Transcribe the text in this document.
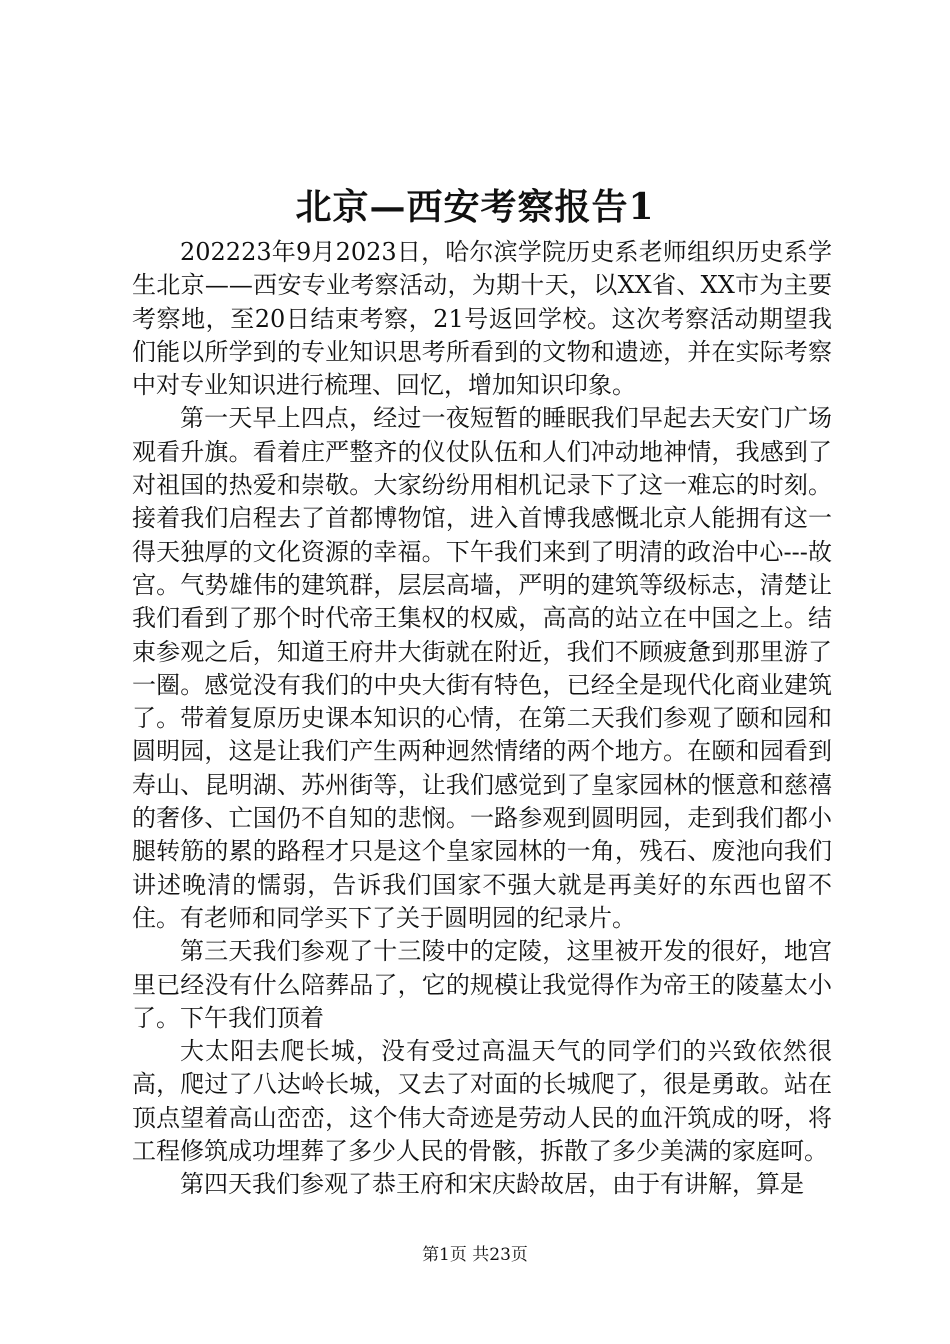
北京—西安考察报告1

202223年9月2023日，哈尔滨学院历史系老师组织历史系学生北京——西安专业考察活动，为期十天，以XX省、XX市为主要考察地，至20日结束考察，21号返回学校。这次考察活动期望我们能以所学到的专业知识思考所看到的文物和遗迹，并在实际考察中对专业知识进行梳理、回忆，增加知识印象。

第一天早上四点，经过一夜短暂的睡眠我们早起去天安门广场观看升旗。看着庄严整齐的仪仗队伍和人们冲动地神情，我感到了对祖国的热爱和崇敬。大家纷纷用相机记录下了这一难忘的时刻。接着我们启程去了首都博物馆，进入首博我感慨北京人能拥有这一得天独厚的文化资源的幸福。下午我们来到了明清的政治中心---故宫。气势雄伟的建筑群，层层高墙，严明的建筑等级标志，清楚让我们看到了那个时代帝王集权的权威，高高的站立在中国之上。结束参观之后，知道王府井大街就在附近，我们不顾疲惫到那里游了一圈。感觉没有我们的中央大街有特色，已经全是现代化商业建筑了。带着复原历史课本知识的心情，在第二天我们参观了颐和园和圆明园，这是让我们产生两种迥然情绪的两个地方。在颐和园看到寿山、昆明湖、苏州街等，让我们感觉到了皇家园林的惬意和慈禧的奢侈、亡国仍不自知的悲悯。一路参观到圆明园，走到我们都小腿转筋的累的路程才只是这个皇家园林的一角，残石、废池向我们讲述晚清的懦弱，告诉我们国家不强大就是再美好的东西也留不住。有老师和同学买下了关于圆明园的纪录片。

第三天我们参观了十三陵中的定陵，这里被开发的很好，地宫里已经没有什么陪葬品了，它的规模让我觉得作为帝王的陵墓太小了。下午我们顶着

大太阳去爬长城，没有受过高温天气的同学们的兴致依然很高，爬过了八达岭长城，又去了对面的长城爬了，很是勇敢。站在顶点望着高山峦峦，这个伟大奇迹是劳动人民的血汗筑成的呀，将工程修筑成功埋葬了多少人民的骨骸，拆散了多少美满的家庭呵。

第四天我们参观了恭王府和宋庆龄故居，由于有讲解，算是

第1页 共23页
